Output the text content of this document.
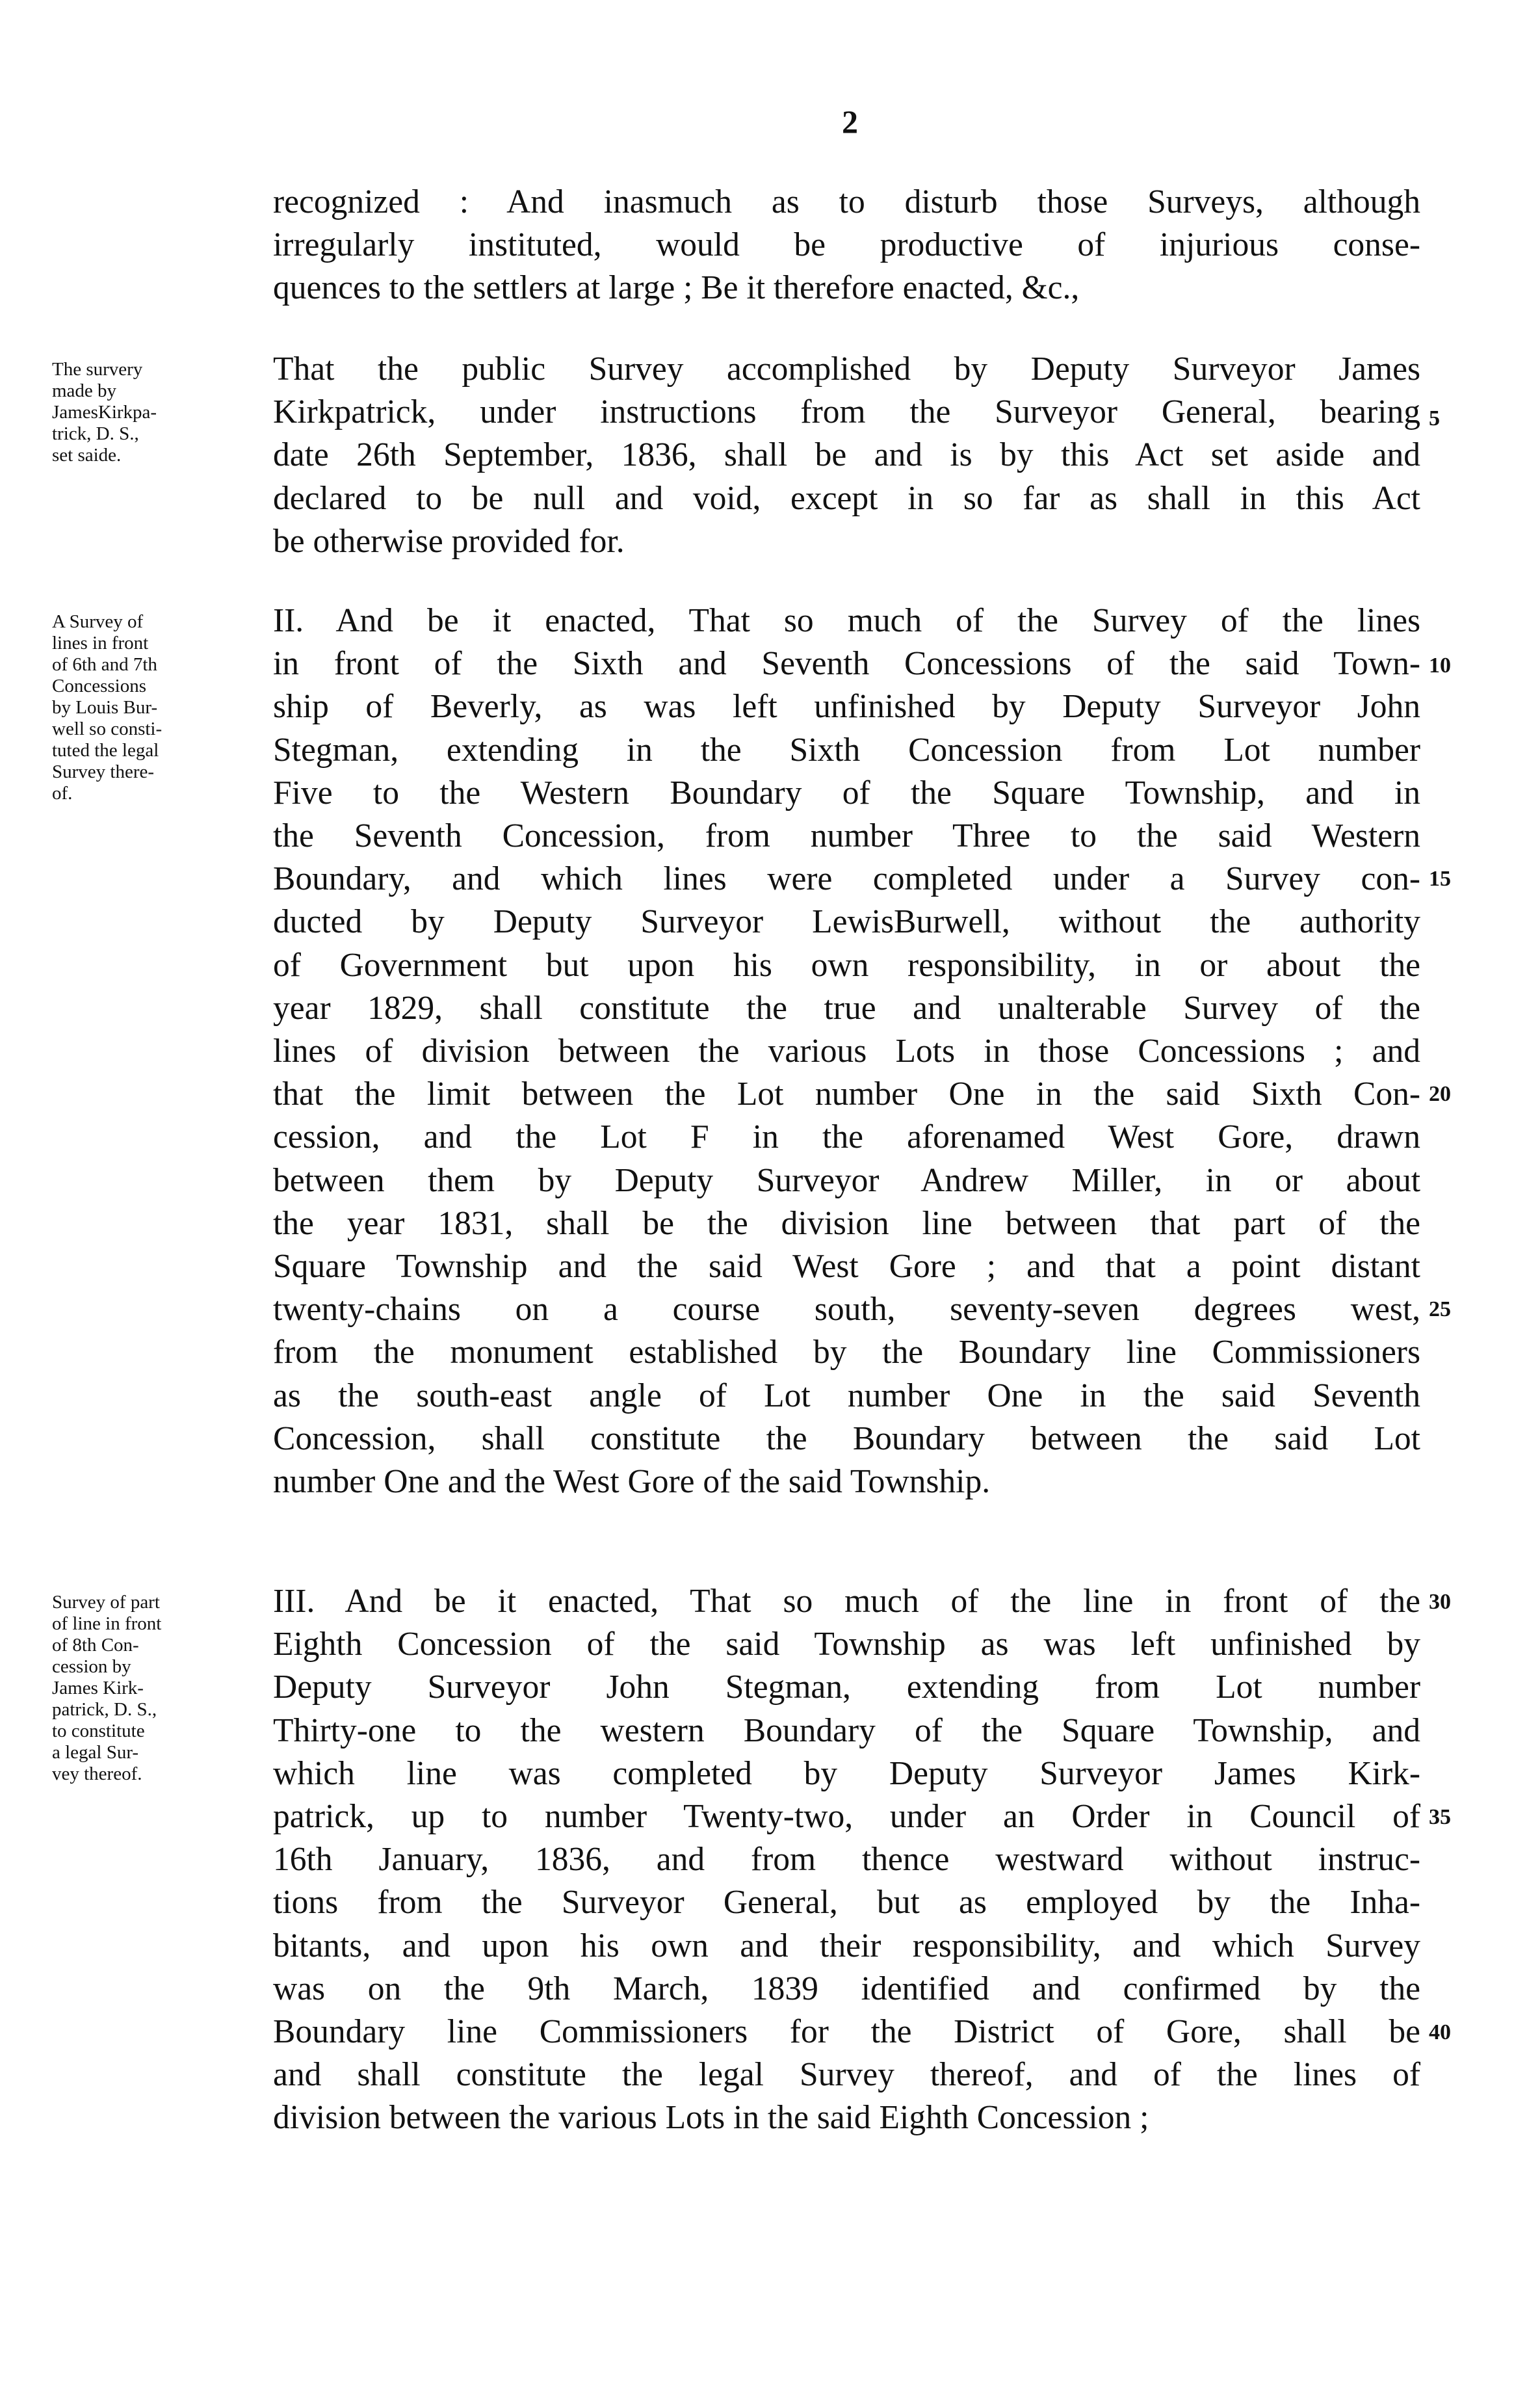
2
recognized : And inasmuch as to disturb those Surveys, although
irregularly instituted, would be productive of injurious conse-
quences to the settlers at large ; Be it therefore enacted, &c.,
The survery
made by
JamesKirkpa-
trick, D. S.,
set saide.
That the public Survey accomplished by Deputy Surveyor James
Kirkpatrick, under instructions from the Surveyor General, bearing
date 26th September, 1836, shall be and is by this Act set aside and
declared to be null and void, except in so far as shall in this Act
be otherwise provided for.
A Survey of
lines in front
of 6th and 7th
Concessions
by Louis Bur-
well so consti-
tuted the legal
Survey there-
of.
II. And be it enacted, That so much of the Survey of the lines
in front of the Sixth and Seventh Concessions of the said Town-
ship of Beverly, as was left unfinished by Deputy Surveyor John
Stegman, extending in the Sixth Concession from Lot number
Five to the Western Boundary of the Square Township, and in
the Seventh Concession, from number Three to the said Western
Boundary, and which lines were completed under a Survey con-
ducted by Deputy Surveyor LewisBurwell, without the authority
of Government but upon his own responsibility, in or about the
year 1829, shall constitute the true and unalterable Survey of the
lines of division between the various Lots in those Concessions ; and
that the limit between the Lot number One in the said Sixth Con-
cession, and the Lot F in the aforenamed West Gore, drawn
between them by Deputy Surveyor Andrew Miller, in or about
the year 1831, shall be the division line between that part of the
Square Township and the said West Gore ; and that a point distant
twenty-chains on a course south, seventy-seven degrees west,
from the monument established by the Boundary line Commissioners
as the south-east angle of Lot number One in the said Seventh
Concession, shall constitute the Boundary between the said Lot
number One and the West Gore of the said Township.
Survey of part
of line in front
of 8th Con-
cession by
James Kirk-
patrick, D. S.,
to constitute
a legal Sur-
vey thereof.
III. And be it enacted, That so much of the line in front of the
Eighth Concession of the said Township as was left unfinished by
Deputy Surveyor John Stegman, extending from Lot number
Thirty-one to the western Boundary of the Square Township, and
which line was completed by Deputy Surveyor James Kirk-
patrick, up to number Twenty-two, under an Order in Council of
16th January, 1836, and from thence westward without instruc-
tions from the Surveyor General, but as employed by the Inha-
bitants, and upon his own and their responsibility, and which Survey
was on the 9th March, 1839 identified and confirmed by the
Boundary line Commissioners for the District of Gore, shall be
and shall constitute the legal Survey thereof, and of the lines of
division between the various Lots in the said Eighth Concession ;
5
10
15
20
25
30
35
40
